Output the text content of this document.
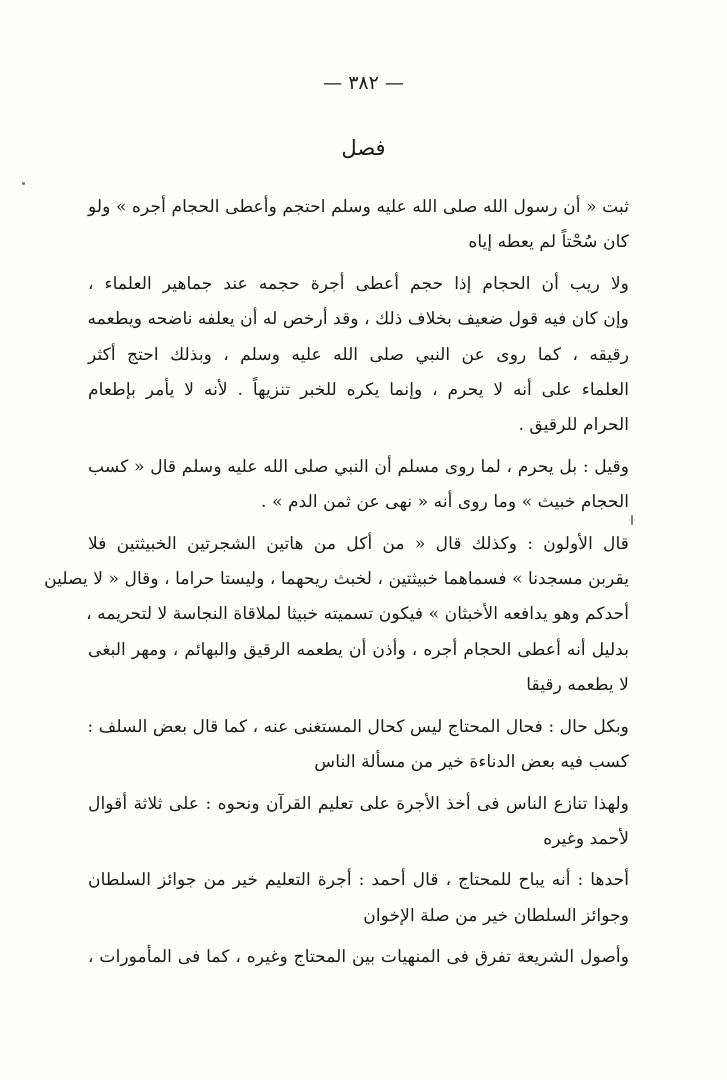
— ٣٨٢ —
فصل

ثبت « أن رسول الله صلى الله عليه وسلم احتجم وأعطى الحجام أجره » ولو
كان سُحْتاً لم يعطه إياه

ولا ريب أن الحجام إذا حجم أعطى أجرة حجمه عند جماهير العلماء ،
وإن كان فيه قول ضعيف بخلاف ذلك ، وقد أرخص له أن يعلفه ناضحه ويطعمه
رقيقه ، كما روى عن النبي صلى الله عليه وسلم ، وبذلك احتج أكثر
العلماء على أنه لا يحرم ، وإنما يكره للخبر تنزيهاً . لأنه لا يأمر بإطعام
الحرام للرقيق .

وقيل : بل يحرم ، لما روى مسلم أن النبي صلى الله عليه وسلم قال « كسب
الحجام خبيث » وما روى أنه « نهى عن ثمن الدم » .

قال الأولون : وكذلك قال « من أكل من هاتين الشجرتين الخبيثتين فلا
يقربن مسجدنا » فسماهما خبيثتين ، لخبث ريحهما ، وليستا حراما ، وقال « لا يصلين
أحدكم وهو يدافعه الأخبثان » فيكون تسميته خبيثا لملاقاة النجاسة لا لتحريمه ،
بدليل أنه أعطى الحجام أجره ، وأذن أن يطعمه الرقيق والبهائم ، ومهر البغى
لا يطعمه رقيقا

وبكل حال : فحال المحتاج ليس كحال المستغنى عنه ، كما قال بعض السلف :
كسب فيه بعض الدناءة خير من مسألة الناس

ولهذا تنازع الناس فى أخذ الأجرة على تعليم القرآن ونحوه : على ثلاثة أقوال
لأحمد وغيره

أحدها : أنه يباح للمحتاج ، قال أحمد : أجرة التعليم خير من جوائز السلطان
وجوائز السلطان خير من صلة الإخوان

وأصول الشريعة تفرق فى المنهيات بين المحتاج وغيره ، كما فى المأمورات ،
